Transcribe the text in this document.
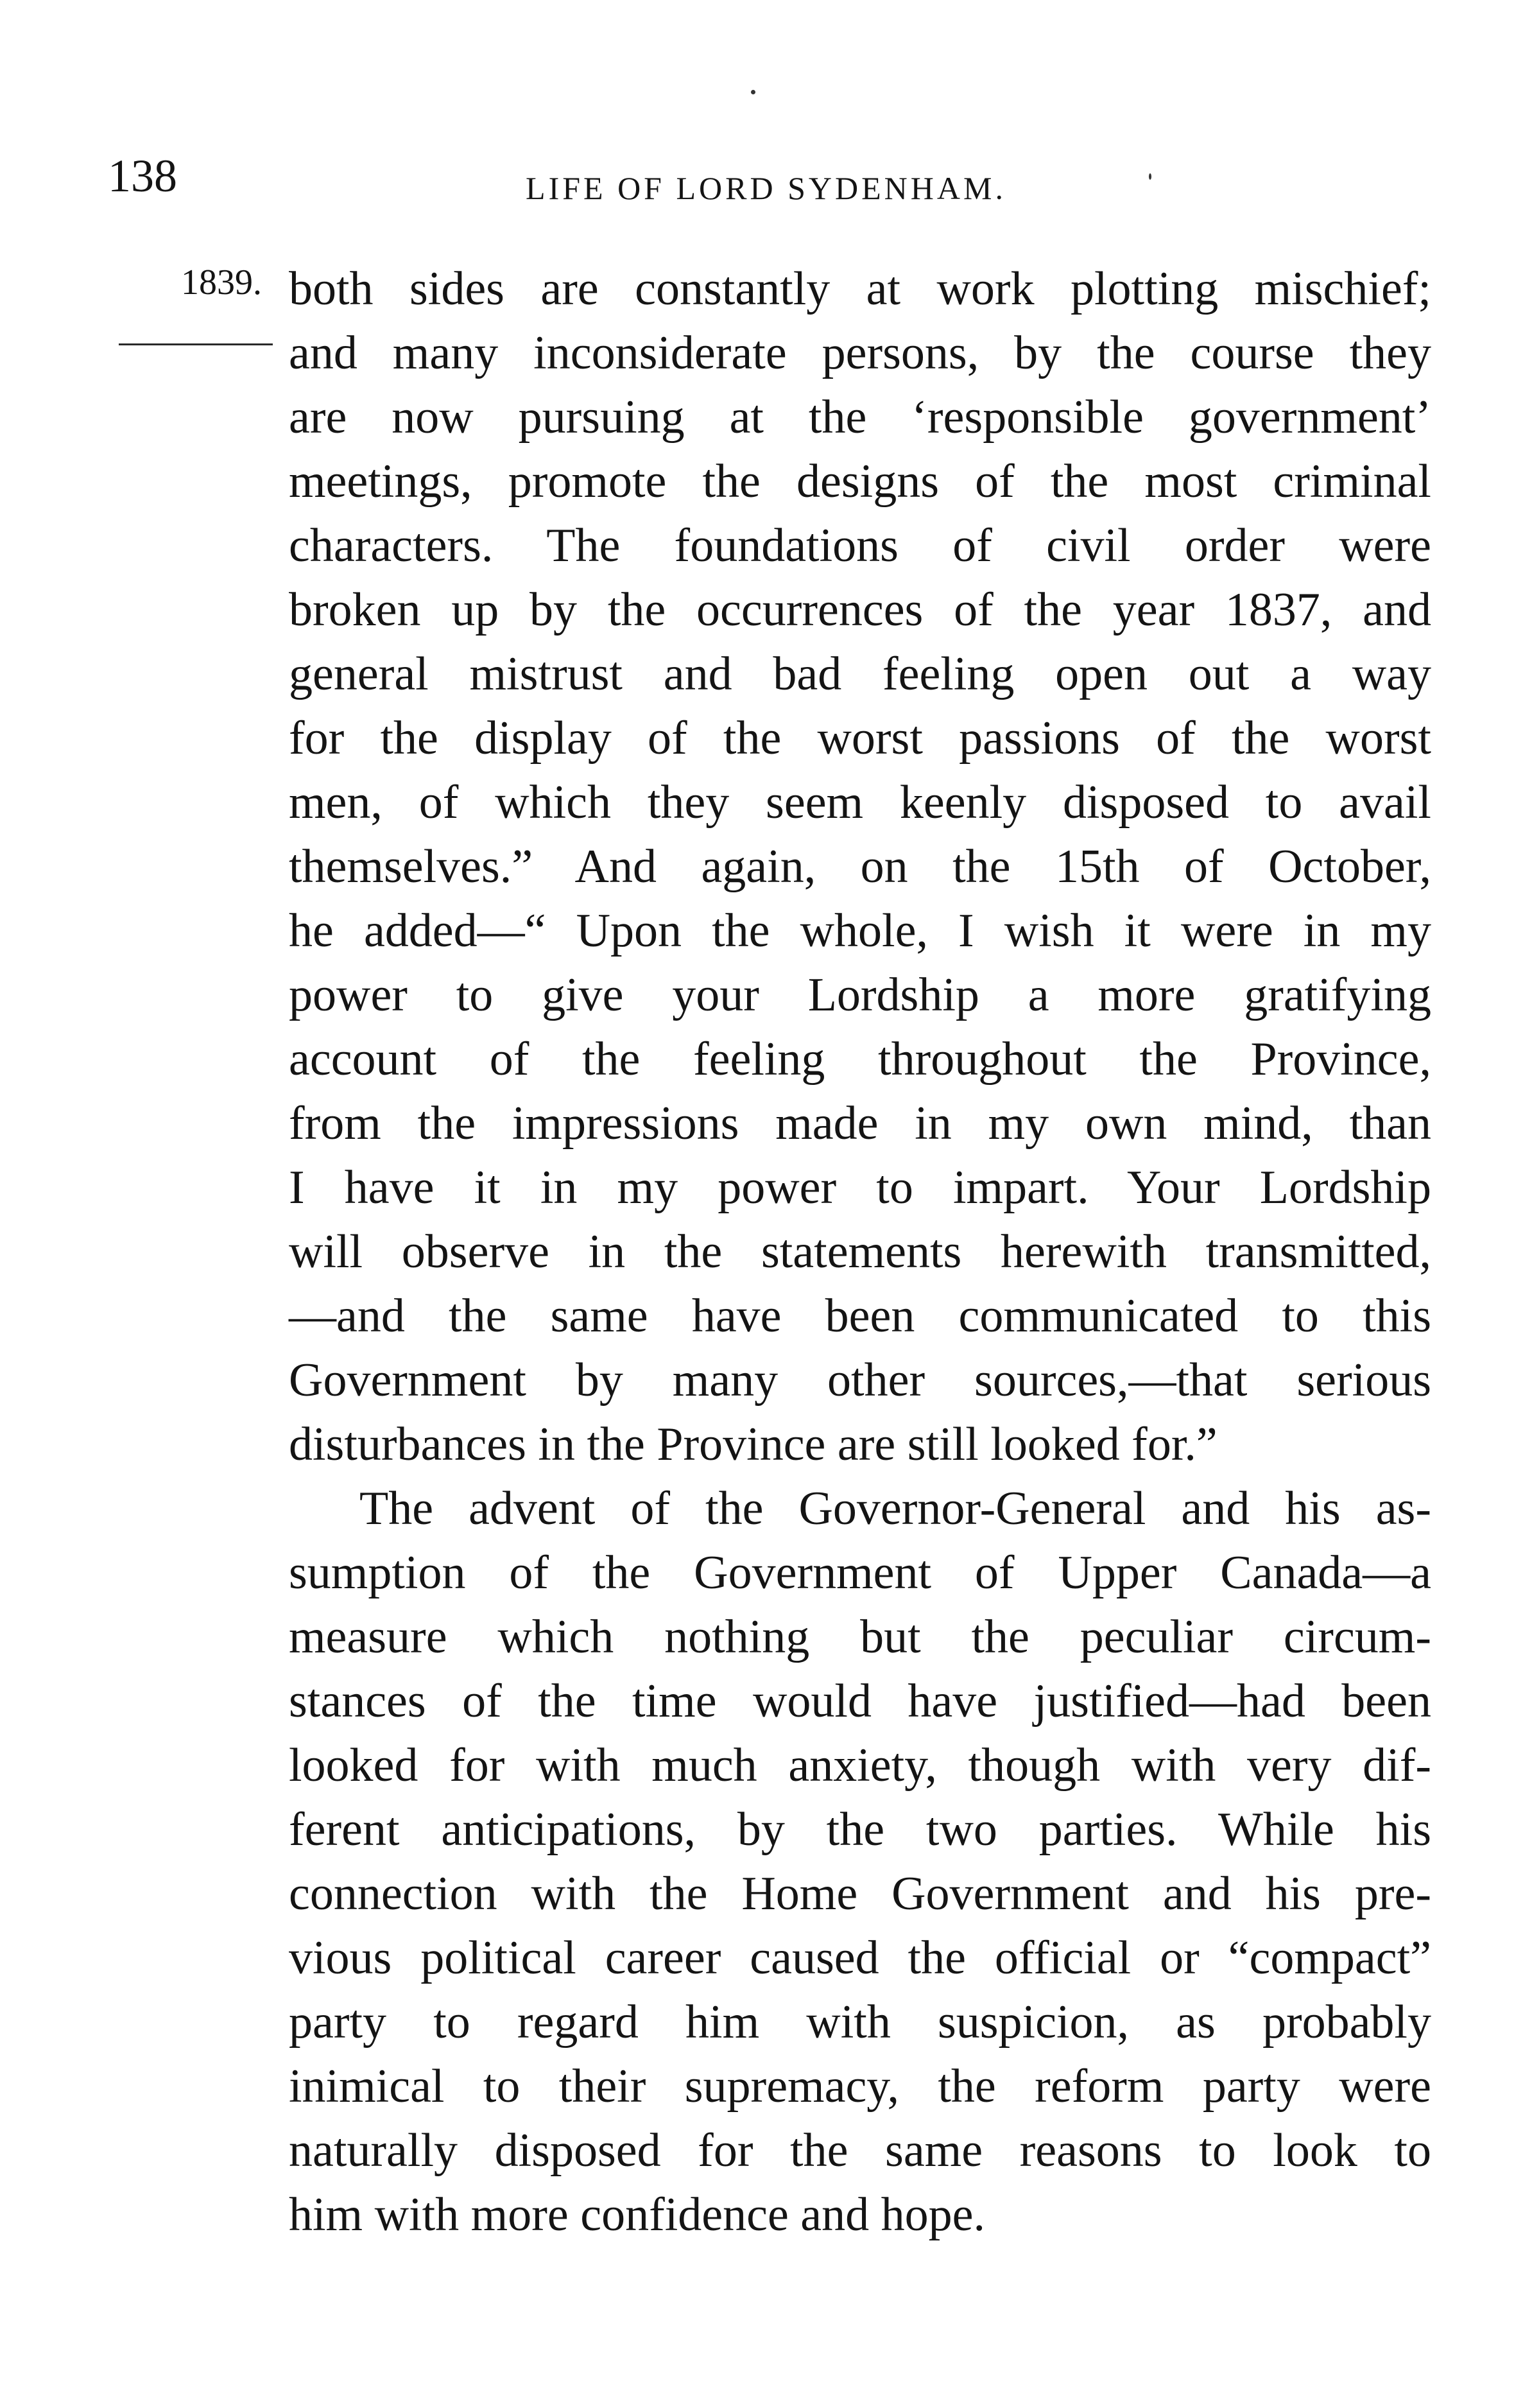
138	LIFE OF LORD SYDENHAM.
1839. both sides are constantly at work plotting mischief;
and many inconsiderate persons, by the course they
are now pursuing at the ‘responsible government’
meetings, promote the designs of the most criminal
characters. The foundations of civil order were
broken up by the occurrences of the year 1837, and
general mistrust and bad feeling open out a way
for the display of the worst passions of the worst
men, of which they seem keenly disposed to avail
themselves.” And again, on the 15th of October,
he added—“ Upon the whole, I wish it were in my
power to give your Lordship a more gratifying
account of the feeling throughout the Province,
from the impressions made in my own mind, than
I have it in my power to impart. Your Lordship
will observe in the statements herewith transmitted,
—and the same have been communicated to this
Government by many other sources,—that serious
disturbances in the Province are still looked for.”
The advent of the Governor-General and his as-
sumption of the Government of Upper Canada—a
measure which nothing but the peculiar circum-
stances of the time would have justified—had been
looked for with much anxiety, though with very dif-
ferent anticipations, by the two parties. While his
connection with the Home Government and his pre-
vious political career caused the official or “compact”
party to regard him with suspicion, as probably
inimical to their supremacy, the reform party were
naturally disposed for the same reasons to look to
him with more confidence and hope.
